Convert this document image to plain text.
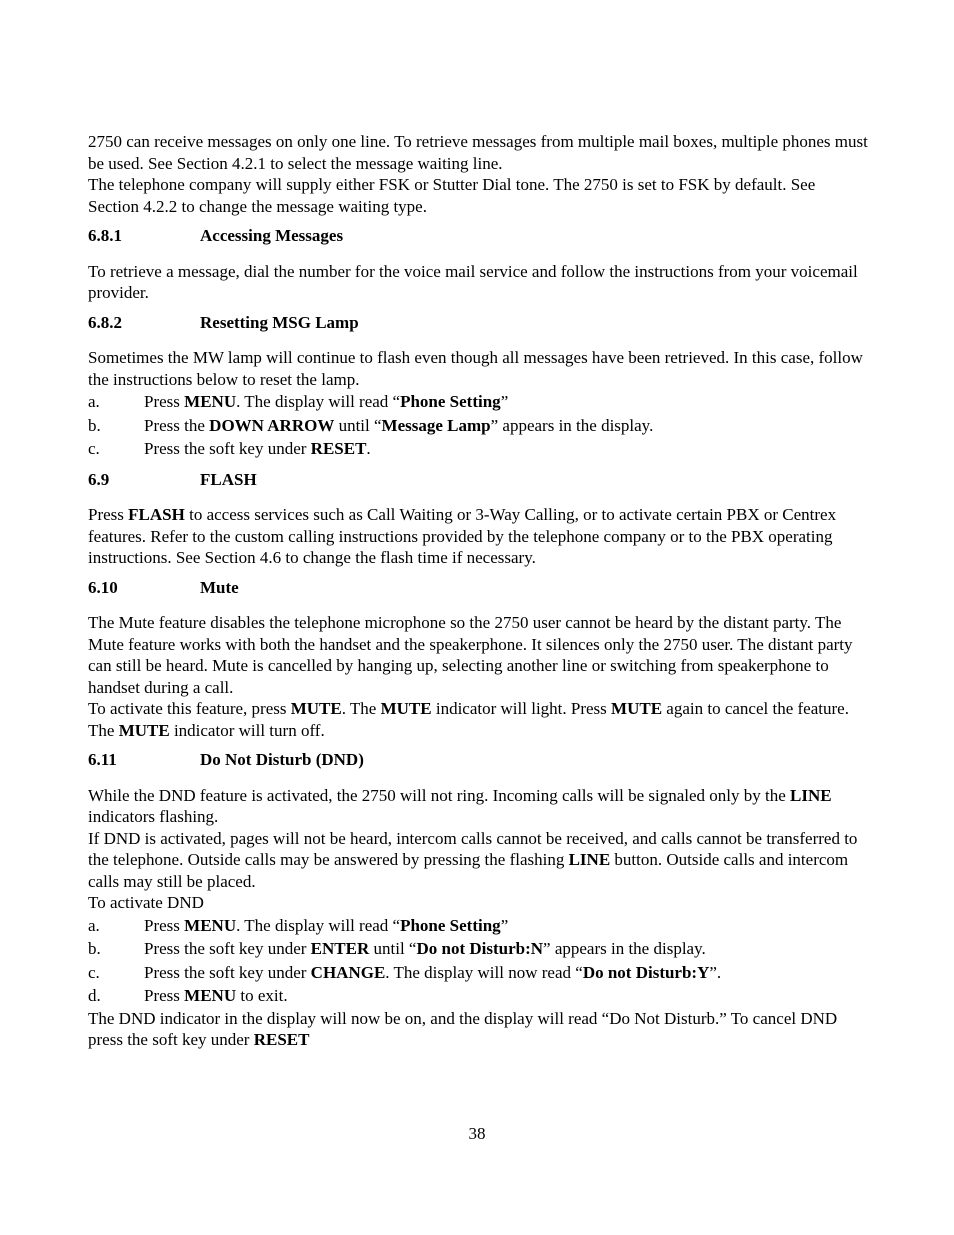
2750 can receive messages on only one line. To retrieve messages from multiple mail boxes, multiple phones must be used. See Section 4.2.1 to select the message waiting line.

The telephone company will supply either FSK or Stutter Dial tone. The 2750 is set to FSK by default. See Section 4.2.2 to change the message waiting type.

6.8.1	Accessing Messages

To retrieve a message, dial the number for the voice mail service and follow the instructions from your voicemail provider.

6.8.2	Resetting MSG Lamp

Sometimes the MW lamp will continue to flash even though all messages have been retrieved. In this case, follow the instructions below to reset the lamp.

a.	Press MENU. The display will read “Phone Setting”

b.	Press the DOWN ARROW until “Message Lamp” appears in the display.

c.	Press the soft key under RESET.

6.9	FLASH

Press FLASH to access services such as Call Waiting or 3-Way Calling, or to activate certain PBX or Centrex features. Refer to the custom calling instructions provided by the telephone company or to the PBX operating instructions. See Section 4.6 to change the flash time if necessary.

6.10	Mute

The Mute feature disables the telephone microphone so the 2750 user cannot be heard by the distant party. The Mute feature works with both the handset and the speakerphone. It silences only the 2750 user. The distant party can still be heard. Mute is cancelled by hanging up, selecting another line or switching from speakerphone to handset during a call.

To activate this feature, press MUTE. The MUTE indicator will light. Press MUTE again to cancel the feature. The MUTE indicator will turn off.

6.11	Do Not Disturb (DND)

While the DND feature is activated, the 2750 will not ring. Incoming calls will be signaled only by the LINE indicators flashing.

If DND is activated, pages will not be heard, intercom calls cannot be received, and calls cannot be transferred to the telephone. Outside calls may be answered by pressing the flashing LINE button. Outside calls and intercom calls may still be placed.

To activate DND

a.	Press MENU. The display will read “Phone Setting”

b.	Press the soft key under ENTER until “Do not Disturb:N” appears in the display.

c.	Press the soft key under CHANGE. The display will now read “Do not Disturb:Y”.

d.	Press MENU to exit.

The DND indicator in the display will now be on, and the display will read “Do Not Disturb.” To cancel DND press the soft key under RESET

38
